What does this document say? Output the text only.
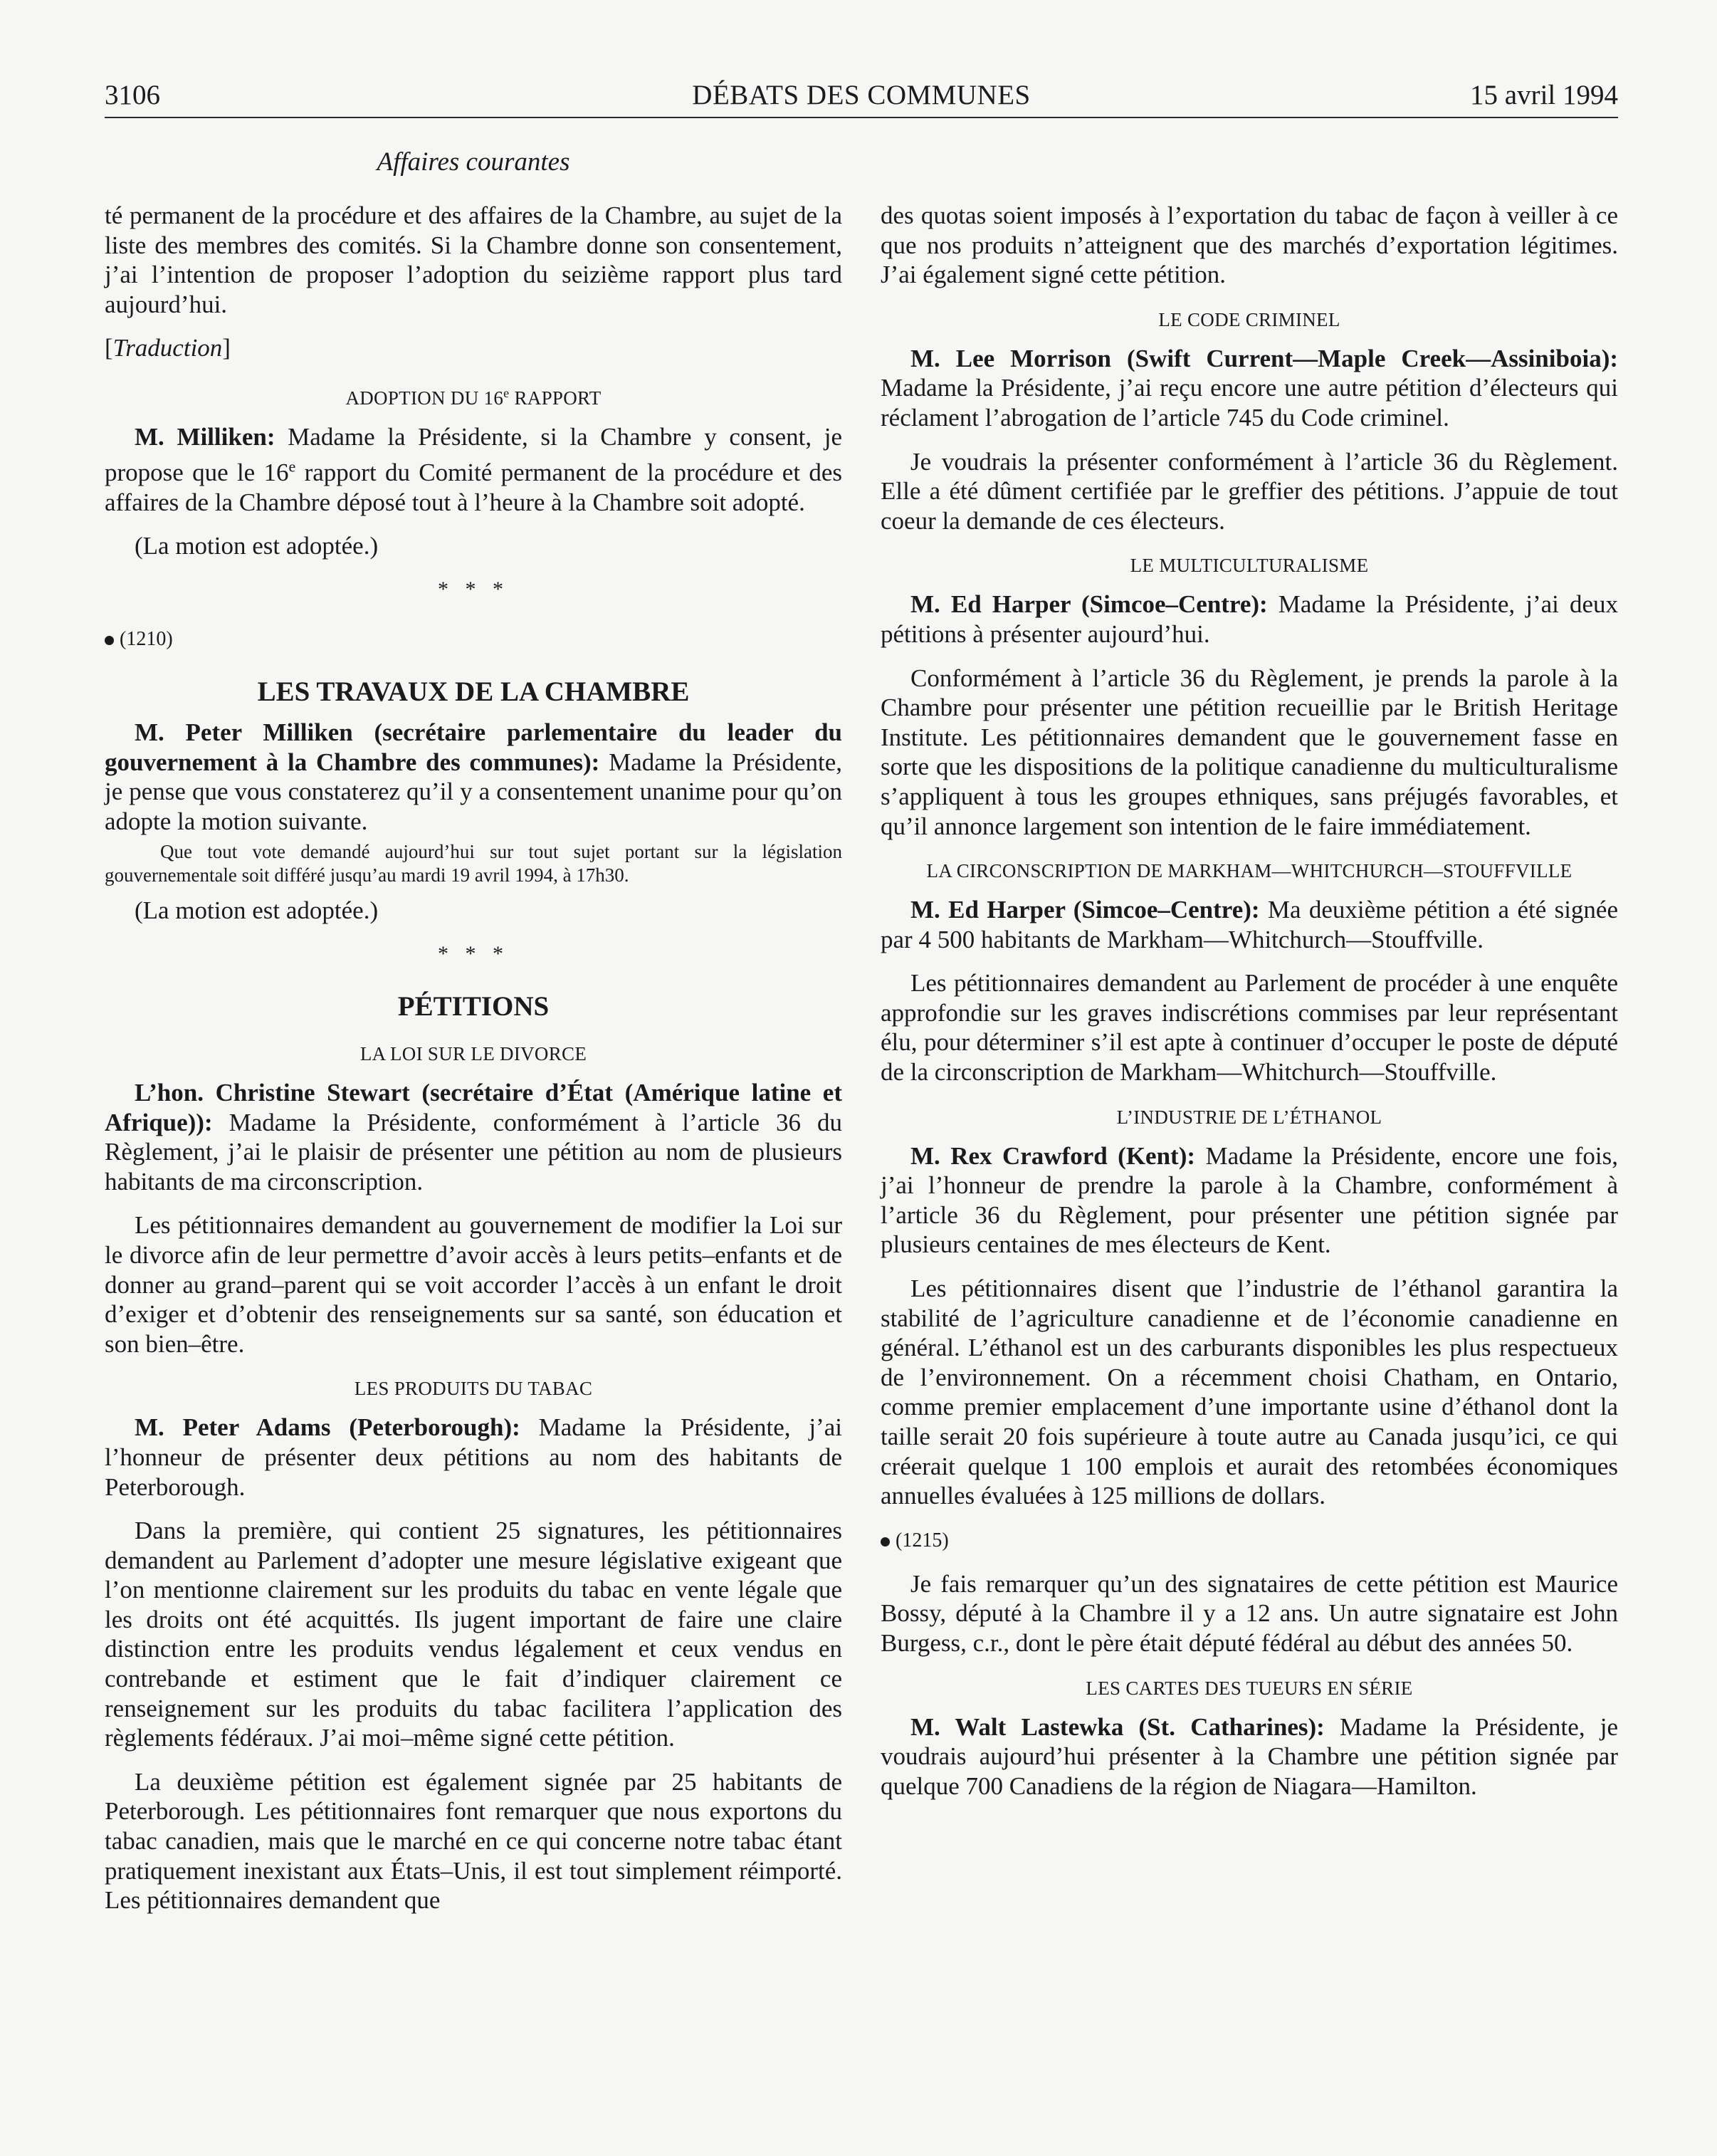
3106	DÉBATS DES COMMUNES	15 avril 1994
Affaires courantes

té permanent de la procédure et des affaires de la Chambre, au sujet de la liste des membres des comités. Si la Chambre donne son consentement, j’ai l’intention de proposer l’adoption du seizième rapport plus tard aujourd’hui.

[Traduction]

ADOPTION DU 16e RAPPORT

M. Milliken: Madame la Présidente, si la Chambre y consent, je propose que le 16e rapport du Comité permanent de la procédure et des affaires de la Chambre déposé tout à l’heure à la Chambre soit adopté.

(La motion est adoptée.)

* * *
(1210)
LES TRAVAUX DE LA CHAMBRE

M. Peter Milliken (secrétaire parlementaire du leader du gouvernement à la Chambre des communes): Madame la Présidente, je pense que vous constaterez qu’il y a consentement unanime pour qu’on adopte la motion suivante.

Que tout vote demandé aujourd’hui sur tout sujet portant sur la législation gouvernementale soit différé jusqu’au mardi 19 avril 1994, à 17h30.

(La motion est adoptée.)

* * *
PÉTITIONS
LA LOI SUR LE DIVORCE

L’hon. Christine Stewart (secrétaire d’État (Amérique latine et Afrique)): Madame la Présidente, conformément à l’article 36 du Règlement, j’ai le plaisir de présenter une pétition au nom de plusieurs habitants de ma circonscription.

Les pétitionnaires demandent au gouvernement de modifier la Loi sur le divorce afin de leur permettre d’avoir accès à leurs petits–enfants et de donner au grand–parent qui se voit accorder l’accès à un enfant le droit d’exiger et d’obtenir des renseignements sur sa santé, son éducation et son bien–être.

LES PRODUITS DU TABAC

M. Peter Adams (Peterborough): Madame la Présidente, j’ai l’honneur de présenter deux pétitions au nom des habitants de Peterborough.

Dans la première, qui contient 25 signatures, les pétitionnaires demandent au Parlement d’adopter une mesure législative exigeant que l’on mentionne clairement sur les produits du tabac en vente légale que les droits ont été acquittés. Ils jugent important de faire une claire distinction entre les produits vendus légalement et ceux vendus en contrebande et estiment que le fait d’indiquer clairement ce renseignement sur les produits du tabac facilitera l’application des règlements fédéraux. J’ai moi–même signé cette pétition.

La deuxième pétition est également signée par 25 habitants de Peterborough. Les pétitionnaires font remarquer que nous exportons du tabac canadien, mais que le marché en ce qui concerne notre tabac étant pratiquement inexistant aux États–Unis, il est tout simplement réimporté. Les pétitionnaires demandent que

des quotas soient imposés à l’exportation du tabac de façon à veiller à ce que nos produits n’atteignent que des marchés d’exportation légitimes. J’ai également signé cette pétition.

LE CODE CRIMINEL

M. Lee Morrison (Swift Current—Maple Creek—Assiniboia): Madame la Présidente, j’ai reçu encore une autre pétition d’électeurs qui réclament l’abrogation de l’article 745 du Code criminel.

Je voudrais la présenter conformément à l’article 36 du Règlement. Elle a été dûment certifiée par le greffier des pétitions. J’appuie de tout coeur la demande de ces électeurs.

LE MULTICULTURALISME

M. Ed Harper (Simcoe–Centre): Madame la Présidente, j’ai deux pétitions à présenter aujourd’hui.

Conformément à l’article 36 du Règlement, je prends la parole à la Chambre pour présenter une pétition recueillie par le British Heritage Institute. Les pétitionnaires demandent que le gouvernement fasse en sorte que les dispositions de la politique canadienne du multiculturalisme s’appliquent à tous les groupes ethniques, sans préjugés favorables, et qu’il annonce largement son intention de le faire immédiatement.

LA CIRCONSCRIPTION DE MARKHAM—WHITCHURCH—STOUFFVILLE

M. Ed Harper (Simcoe–Centre): Ma deuxième pétition a été signée par 4 500 habitants de Markham—Whitchurch—Stouffville.

Les pétitionnaires demandent au Parlement de procéder à une enquête approfondie sur les graves indiscrétions commises par leur représentant élu, pour déterminer s’il est apte à continuer d’occuper le poste de député de la circonscription de Markham—Whitchurch—Stouffville.

L’INDUSTRIE DE L’ÉTHANOL

M. Rex Crawford (Kent): Madame la Présidente, encore une fois, j’ai l’honneur de prendre la parole à la Chambre, conformément à l’article 36 du Règlement, pour présenter une pétition signée par plusieurs centaines de mes électeurs de Kent.

Les pétitionnaires disent que l’industrie de l’éthanol garantira la stabilité de l’agriculture canadienne et de l’économie canadienne en général. L’éthanol est un des carburants disponibles les plus respectueux de l’environnement. On a récemment choisi Chatham, en Ontario, comme premier emplacement d’une importante usine d’éthanol dont la taille serait 20 fois supérieure à toute autre au Canada jusqu’ici, ce qui créerait quelque 1 100 emplois et aurait des retombées économiques annuelles évaluées à 125 millions de dollars.

(1215)

Je fais remarquer qu’un des signataires de cette pétition est Maurice Bossy, député à la Chambre il y a 12 ans. Un autre signataire est John Burgess, c.r., dont le père était député fédéral au début des années 50.

LES CARTES DES TUEURS EN SÉRIE

M. Walt Lastewka (St. Catharines): Madame la Présidente, je voudrais aujourd’hui présenter à la Chambre une pétition signée par quelque 700 Canadiens de la région de Niagara—Hamilton.
